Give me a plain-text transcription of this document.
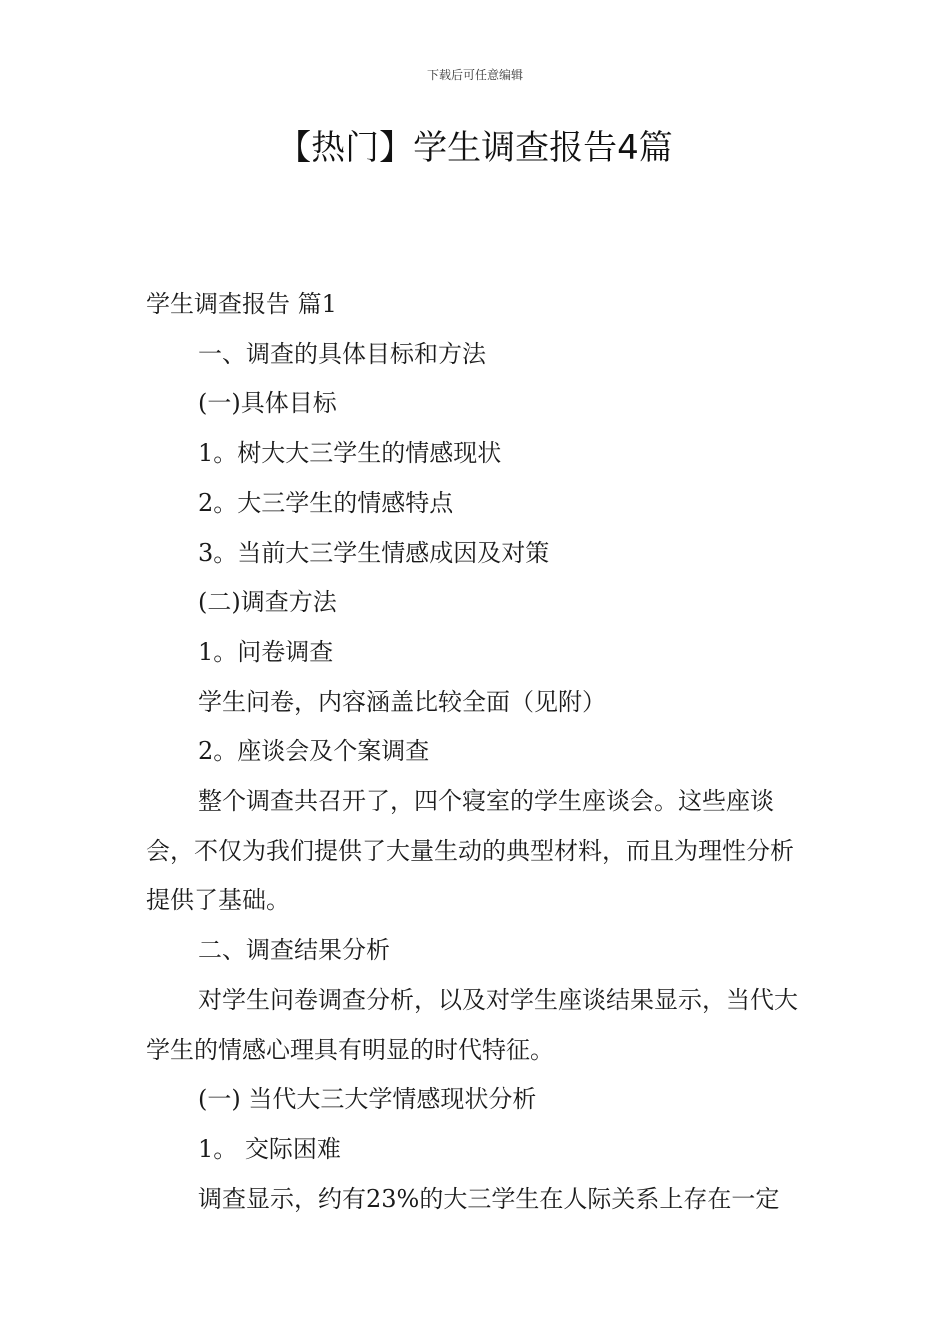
下载后可任意编辑
【热门】学生调查报告4篇

学生调查报告 篇1

一、调查的具体目标和方法

(一)具体目标

1。树大大三学生的情感现状

2。大三学生的情感特点

3。当前大三学生情感成因及对策

(二)调查方法

1。问卷调查

学生问卷，内容涵盖比较全面（见附）

2。座谈会及个案调查

整个调查共召开了，四个寝室的学生座谈会。这些座谈会，不仅为我们提供了大量生动的典型材料，而且为理性分析提供了基础。

二、调查结果分析

对学生问卷调查分析，以及对学生座谈结果显示，当代大学生的情感心理具有明显的时代特征。

(一) 当代大三大学情感现状分析

1。 交际困难

调查显示，约有23%的大三学生在人际关系上存在一定
